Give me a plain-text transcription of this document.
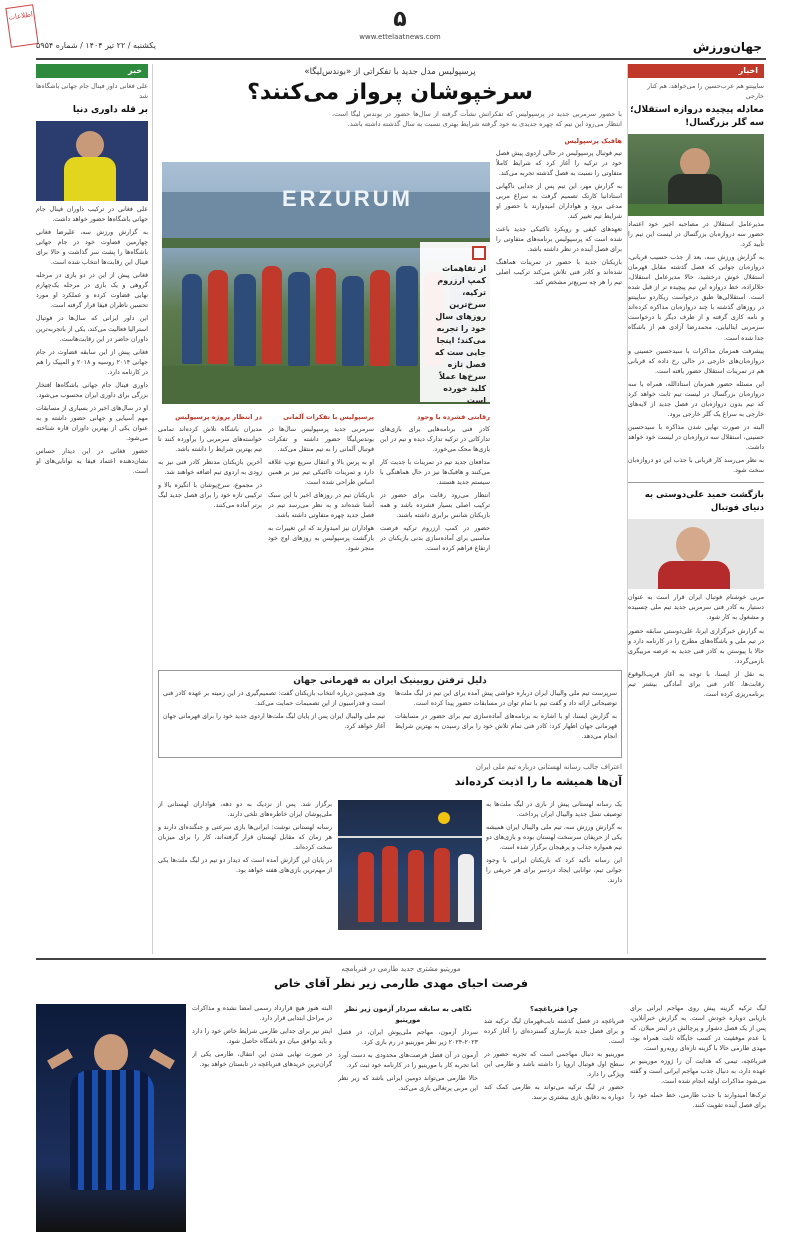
اطلاعات
یکشنبه / ۲۲ تیر ۱۴۰۴ / شماره ۵۹۵۴
۵
www.ettelaatnews.com
جهان‌ورزش
اخبار
سایپنتو هم عرب‌حسین را می‌خواهد، هم کنار خارجی
معادله پیچیده دروازه استقلال؛ سه گلر بزرگسال!

مدیرعامل استقلال در مصاحبه اخیر خود اعتماد حضور سه دروازه‌بان بزرگسال در لیست این تیم را تأیید کرد.

به گزارش ورزش سه، بعد از جذب حسیب قربانی، دروازه‌بان جوانی که فصل گذشته مقابل قهرمان استقلال خوش درخشید، حالا مدیرعامل استقلال، حلالزاده، خط دروازه این تیم پیچیده تر از قبل شده است. استقلالی‌ها طبق درخواست ریکاردو ساپینتو در روزهای گذشته با چند دروازه‌بان مذاکره کرده‌اند و نامه کاری گرفته و از طرف دیگر با درخواست سرمربی ایتالیایی، محمدرضا آزادی هم از باشگاه جدا شده است.

پیشرفت همزمان مذاکرات با سیدحسین حسینی و دروازه‌بان‌های خارجی در حالی رخ داده که قربانی هم در تمرینات استقلال حضور یافته است.

این مسئله حضور همزمان استادالله، همراه با سه دروازه‌بان بزرگسال در لیست تیم ثابت خواهد کرد که تیم بدون دروازه‌بان در فصل جدید از لایه‌های خارجی به سراغ یک گلر خارجی برود.

البته در صورت نهایی شدن مذاکره با سیدحسین حسینی، استقلال سه دروازه‌بان در لیست خود خواهد داشت.

به نظر می‌رسد کار قربانی با جذب این دو دروازه‌بان سخت شود.

بازگشت حمید علی‌دوستی به دنیای فوتبال

مربی خوشنام فوتبال ایران قرار است به عنوان دستیار به کادر فنی سرمربی جدید تیم ملی چسبیده و مشغول به کار شود.

به گزارش خبرگزاری ایرنا، علی‌دوستی سابقه حضور در تیم ملی و باشگاه‌های مطرح را در کارنامه دارد و حالا با پیوستن به کادر فنی جدید به عرصه مربیگری بازمی‌گردد.

به نقل از ایسنا، با توجه به آغاز قریب‌الوقوع رقابت‌ها، کادر فنی برای آمادگی بیشتر تیم برنامه‌ریزی کرده است.

خبر
علی فغانی داور فینال جام جهانی باشگاه‌ها شد
بر قله داوری دنیا

علی فغانی در ترکیب داوران فینال جام جهانی باشگاه‌ها حضور خواهد داشت.

به گزارش ورزش سه، علیرضا فغانی چهارمین قضاوت خود در جام جهانی باشگاه‌ها را پشت سر گذاشت و حالا برای فینال این رقابت‌ها انتخاب شده است.

فغانی پیش از این در دو بازی در مرحله گروهی و یک بازی در مرحله یک‌چهارم نهایی قضاوت کرده و عملکرد او مورد تحسین ناظران فیفا قرار گرفته است.

این داور ایرانی که سال‌ها در فوتبال استرالیا فعالیت می‌کند، یکی از باتجربه‌ترین داوران حاضر در این رقابت‌هاست.

فغانی پیش از این سابقه قضاوت در جام جهانی ۲۰۱۴ روسیه و ۲۰۱۸ و المپیک را هم در کارنامه دارد.

داوری فینال جام جهانی باشگاه‌ها افتخار بزرگی برای داوری ایران محسوب می‌شود.

او در سال‌های اخیر در بسیاری از مسابقات مهم آسیایی و جهانی حضور داشته و به عنوان یکی از بهترین داوران قاره شناخته می‌شود.

حضور فغانی در این دیدار حساس نشان‌دهنده اعتماد فیفا به توانایی‌های او است.

پرسپولیس مدل جدید با تفکراتی از «بوندس‌لیگا»
سرخپوشان پرواز می‌کنند؟
با حضور سرمربی جدید در پرسپولیس که تفکراتش نشأت گرفته از سال‌ها حضور در بوندس لیگا است، انتظار می‌رود این تیم که چهره جدیدی به خود گرفته شرایط بهتری نسبت به سال گذشته داشته باشد.
هافبک پرسپولیس

تیم فوتبال پرسپولیس در حالی اردوی پیش فصل خود در ترکیه را آغاز کرد که شرایط کاملاً متفاوتی را نسبت به فصل گذشته تجربه می‌کند.

به گزارش مهر، این تیم پس از جدایی ناگهانی استادانیا کارتک تصمیم گرفت به سراغ مربی مدعی برود و هواداران امیدوارند با حضور او شرایط تیم تغییر کند.

تعهدهای کیفی و رویکرد تاکتیکی جدید باعث شده است که پرسپولیس برنامه‌های متفاوتی را برای فصل آینده در نظر داشته باشد.

بازیکنان جدید با حضور در تمرینات هماهنگ شده‌اند و کادر فنی تلاش می‌کند ترکیب اصلی تیم را هر چه سریع‌تر مشخص کند.

ERZURUM
از تفاهمات کمپ ارزروم ترکیه، سرخ‌ترین روزهای سال خود را تجربه می‌کند؛ اینجا جایی ست که فصل تازه سرخ‌ها عملاً کلید خورده است
رقابتی فشرده با وجود

کادر فنی برنامه‌هایی برای بازی‌های تدارکاتی در ترکیه تدارک دیده و تیم در این بازی‌ها محک می‌خورد.

مدافعان جدید تیم در تمرینات با جدیت کار می‌کنند و هافبک‌ها نیز در حال هماهنگی با سیستم جدید هستند.

انتظار می‌رود رقابت برای حضور در ترکیب اصلی بسیار فشرده باشد و همه بازیکنان شانس برابری داشته باشند.

حضور در کمپ ارزروم ترکیه فرصت مناسبی برای آماده‌سازی بدنی بازیکنان در ارتفاع فراهم کرده است.

پرسپولیس با تفکرات آلمانی

سرمربی جدید پرسپولیس سال‌ها در بوندس‌لیگا حضور داشته و تفکرات فوتبال آلمانی را به تیم منتقل می‌کند.

او به پرس بالا و انتقال سریع توپ علاقه دارد و تمرینات تاکتیکی تیم نیز بر همین اساس طراحی شده است.

بازیکنان تیم در روزهای اخیر با این سبک آشنا شده‌اند و به نظر می‌رسد تیم در فصل جدید چهره متفاوتی داشته باشد.

هواداران نیز امیدوارند که این تغییرات به بازگشت پرسپولیس به روزهای اوج خود منجر شود.

در انتظار پروژه پرسپولیس

مدیران باشگاه تلاش کرده‌اند تمامی خواسته‌های سرمربی را برآورده کنند تا تیم بهترین شرایط را داشته باشد.

آخرین بازیکنان مدنظر کادر فنی نیز به زودی به اردوی تیم اضافه خواهند شد.

در مجموع، سرخ‌پوشان با انگیزه بالا و ترکیبی تازه خود را برای فصل جدید لیگ برتر آماده می‌کنند.

دلیل ترفتن روبینیک ایران به قهرمانی جهان

سرپرست تیم ملی والیبال ایران درباره حواشی پیش آمده برای این تیم در لیگ ملت‌ها توضیحاتی ارائه داد و گفت تیم با تمام توان در مسابقات حضور پیدا کرده است.

به گزارش ایسنا، او با اشاره به برنامه‌های آماده‌سازی تیم برای حضور در مسابقات قهرمانی جهان اظهار کرد: کادر فنی تمام تلاش خود را برای رسیدن به بهترین شرایط انجام می‌دهد.

وی همچنین درباره انتخاب بازیکنان گفت: تصمیم‌گیری در این زمینه بر عهده کادر فنی است و فدراسیون از این تصمیمات حمایت می‌کند.

تیم ملی والیبال ایران پس از پایان لیگ ملت‌ها اردوی جدید خود را برای قهرمانی جهان آغاز خواهد کرد.

اعتراف جالب رسانه لهستانی درباره تیم ملی ایران
آن‌ها همیشه ما را اذیت کرده‌اند

یک رسانه لهستانی پیش از بازی در لیگ ملت‌ها به توصیف نسل جدید والیبال ایران پرداخت.

به گزارش ورزش سه، تیم ملی والیبال ایران همیشه یکی از حریفان سرسخت لهستان بوده و بازی‌های دو تیم همواره جذاب و پرهیجان برگزار شده است.

این رسانه تأکید کرد که بازیکنان ایرانی با وجود جوانی تیم، توانایی ایجاد دردسر برای هر حریفی را دارند.

برگزار شد. پس از نزدیک به دو دهه، هواداران لهستانی از ملی‌پوشان ایران خاطره‌های تلخی دارند.

رسانه لهستانی نوشت: ایرانی‌ها بازی سرعتی و جنگنده‌ای دارند و هر زمان که مقابل لهستان قرار گرفته‌اند، کار را برای میزبان سخت کرده‌اند.

در پایان این گزارش آمده است که دیدار دو تیم در لیگ ملت‌ها یکی از مهم‌ترین بازی‌های هفته خواهد بود.

موریتیو مشتری جدید طارمی در فنربامچه
فرصت احیای مهدی طارمی زیر نظر آقای خاص

لیگ ترکیه گزینه پیش روی مهاجم ایرانی برای بازیابی دوباره خودش است. به گزارش خبرآنلاین، پس از یک فصل دشوار و پرچالش در اینتر میلان، که با عدم موفقیت در کسب جایگاه ثابت همراه بود، مهدی طارمی حالا با گزینه تازه‌ای روبه‌رو است.

فنرباغچه، تیمی که هدایت آن را ژوزه مورینیو بر عهده دارد، به دنبال جذب مهاجم ایرانی است و گفته می‌شود مذاکرات اولیه انجام شده است.

ترک‌ها امیدوارند با جذب طارمی، خط حمله خود را برای فصل آینده تقویت کنند.

چرا فنرباغچه؟

فنرباغچه در فصل گذشته نایب‌قهرمان لیگ ترکیه شد و برای فصل جدید بازسازی گسترده‌ای را آغاز کرده است.

مورینیو به دنبال مهاجمی است که تجربه حضور در سطح اول فوتبال اروپا را داشته باشد و طارمی این ویژگی را دارد.

حضور در لیگ ترکیه می‌تواند به طارمی کمک کند دوباره به دقایق بازی بیشتری برسد.

نگاهی به سابقه سردار آزمون زیر نظر مورینیو

سردار آزمون، مهاجم ملی‌پوش ایران، در فصل ۲۰۲۳-۲۰۲۴ زیر نظر مورینیو در رم بازی کرد.

آزمون در آن فصل فرصت‌های محدودی به دست آورد اما تجربه کار با مورینیو را در کارنامه خود ثبت کرد.

حالا طارمی می‌تواند دومین ایرانی باشد که زیر نظر این مربی پرتغالی بازی می‌کند.

البته هنوز هیچ قرارداد رسمی امضا نشده و مذاکرات در مراحل ابتدایی قرار دارد.

اینتر نیز برای جدایی طارمی شرایط خاص خود را دارد و باید توافق میان دو باشگاه حاصل شود.

در صورت نهایی شدن این انتقال، طارمی یکی از گران‌ترین خریدهای فنرباغچه در تابستان خواهد بود.
